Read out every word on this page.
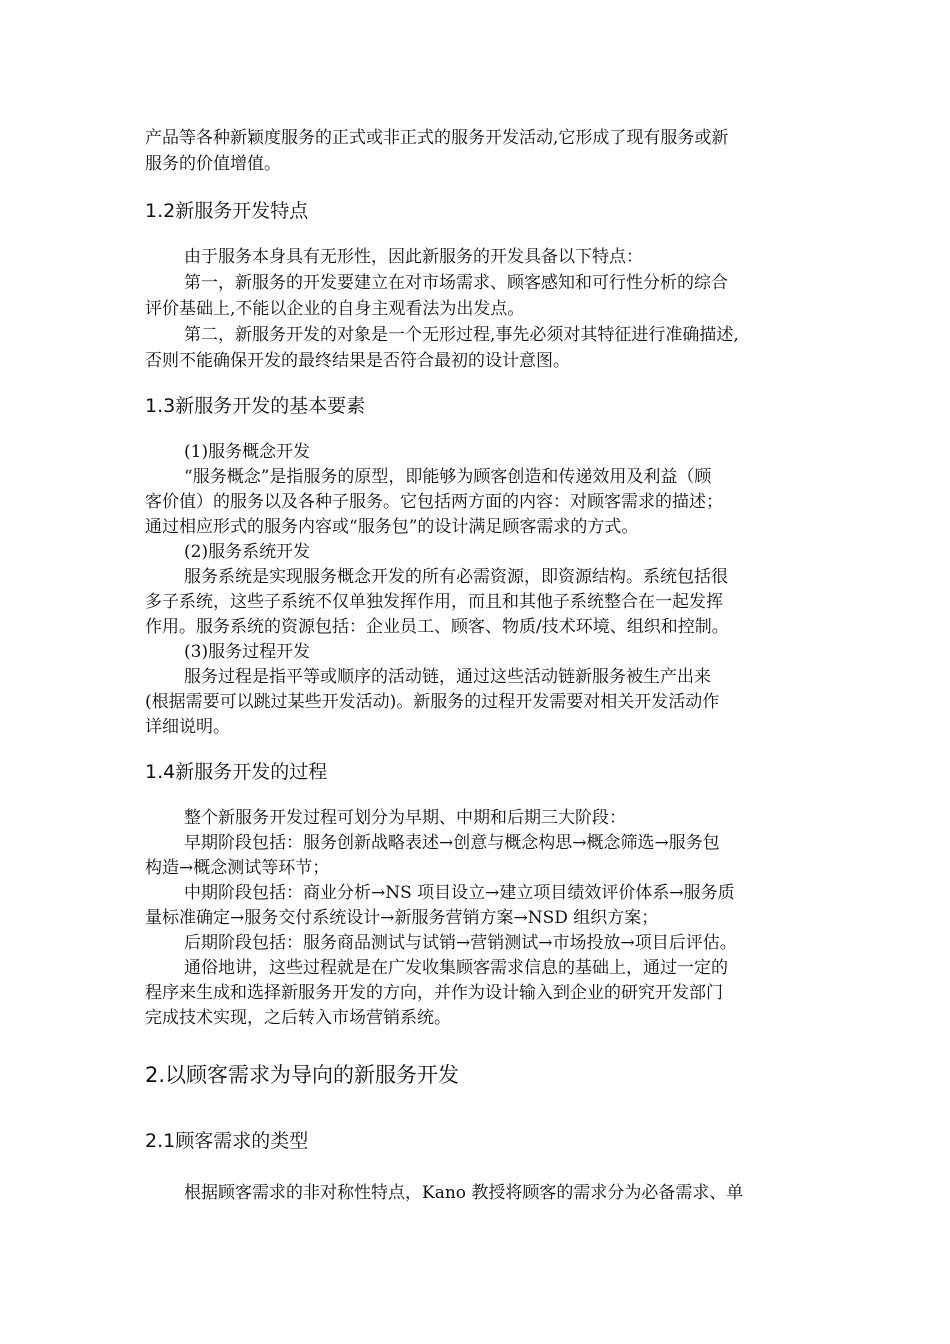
产品等各种新颖度服务的正式或非正式的服务开发活动,它形成了现有服务或新
服务的价值增值。
1.2新服务开发特点
由于服务本身具有无形性，因此新服务的开发具备以下特点：
第一，新服务的开发要建立在对市场需求、顾客感知和可行性分析的综合
评价基础上,不能以企业的自身主观看法为出发点。
第二，新服务开发的对象是一个无形过程,事先必须对其特征进行准确描述,
否则不能确保开发的最终结果是否符合最初的设计意图。
1.3新服务开发的基本要素
(1)服务概念开发
“服务概念”是指服务的原型，即能够为顾客创造和传递效用及利益（顾
客价值）的服务以及各种子服务。它包括两方面的内容：对顾客需求的描述；
通过相应形式的服务内容或“服务包”的设计满足顾客需求的方式。
(2)服务系统开发
服务系统是实现服务概念开发的所有必需资源，即资源结构。系统包括很
多子系统，这些子系统不仅单独发挥作用，而且和其他子系统整合在一起发挥
作用。服务系统的资源包括：企业员工、顾客、物质/技术环境、组织和控制。
(3)服务过程开发
服务过程是指平等或顺序的活动链，通过这些活动链新服务被生产出来
(根据需要可以跳过某些开发活动)。新服务的过程开发需要对相关开发活动作
详细说明。
1.4新服务开发的过程
整个新服务开发过程可划分为早期、中期和后期三大阶段：
早期阶段包括：服务创新战略表述→创意与概念构思→概念筛选→服务包
构造→概念测试等环节；
中期阶段包括：商业分析→NS 项目设立→建立项目绩效评价体系→服务质
量标准确定→服务交付系统设计→新服务营销方案→NSD 组织方案；
后期阶段包括：服务商品测试与试销→营销测试→市场投放→项目后评估。
通俗地讲，这些过程就是在广发收集顾客需求信息的基础上，通过一定的
程序来生成和选择新服务开发的方向，并作为设计输入到企业的研究开发部门
完成技术实现，之后转入市场营销系统。
2.以顾客需求为导向的新服务开发
2.1顾客需求的类型
根据顾客需求的非对称性特点，Kano 教授将顾客的需求分为必备需求、单
